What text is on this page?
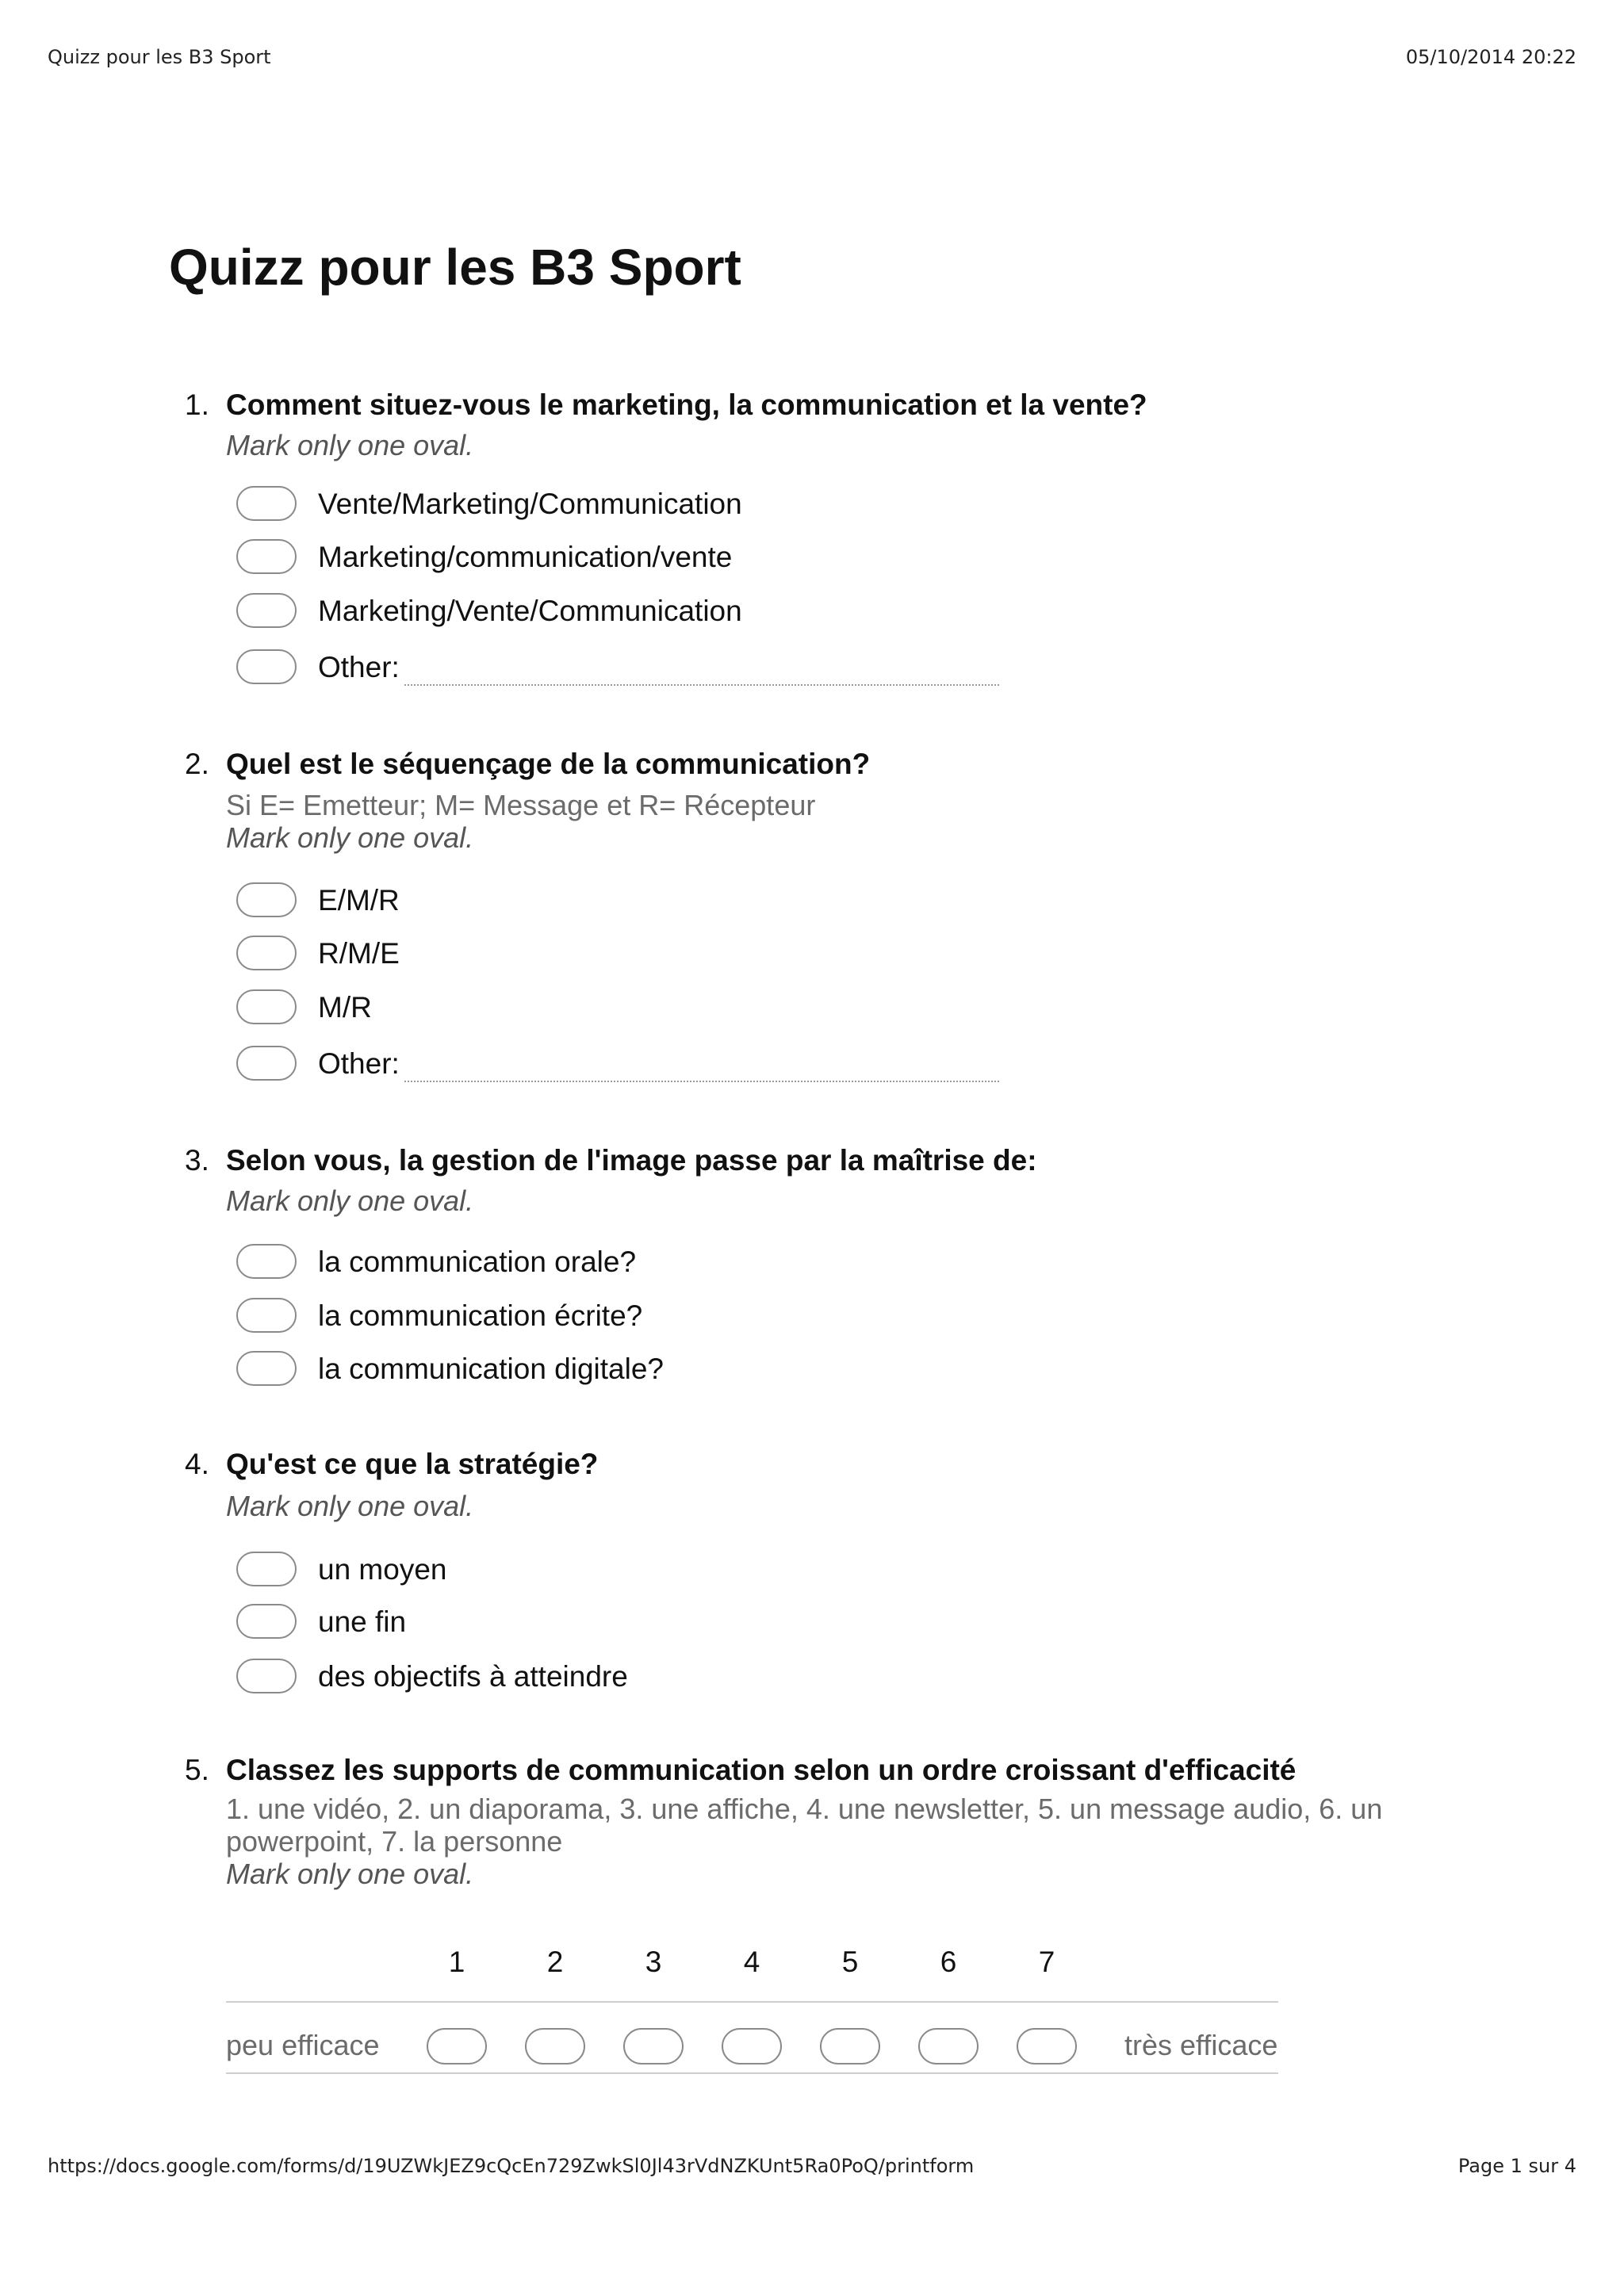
Quizz pour les B3 Sport	05/10/2014 20:22
Quizz pour les B3 Sport
1. Comment situez-vous le marketing, la communication et la vente?
Mark only one oval.
Vente/Marketing/Communication
Marketing/communication/vente
Marketing/Vente/Communication
Other:
2. Quel est le séquençage de la communication?
Si E= Emetteur; M= Message et R= Récepteur
Mark only one oval.
E/M/R
R/M/E
M/R
Other:
3. Selon vous, la gestion de l'image passe par la maîtrise de:
Mark only one oval.
la communication orale?
la communication écrite?
la communication digitale?
4. Qu'est ce que la stratégie?
Mark only one oval.
un moyen
une fin
des objectifs à atteindre
5. Classez les supports de communication selon un ordre croissant d'efficacité
1. une vidéo, 2. un diaporama, 3. une affiche, 4. une newsletter, 5. un message audio, 6. un powerpoint, 7. la personne
Mark only one oval.
1	2	3	4	5	6	7
peu efficace	très efficace
https://docs.google.com/forms/d/19UZWkJEZ9cQcEn729ZwkSl0Jl43rVdNZKUnt5Ra0PoQ/printform	Page 1 sur 4
